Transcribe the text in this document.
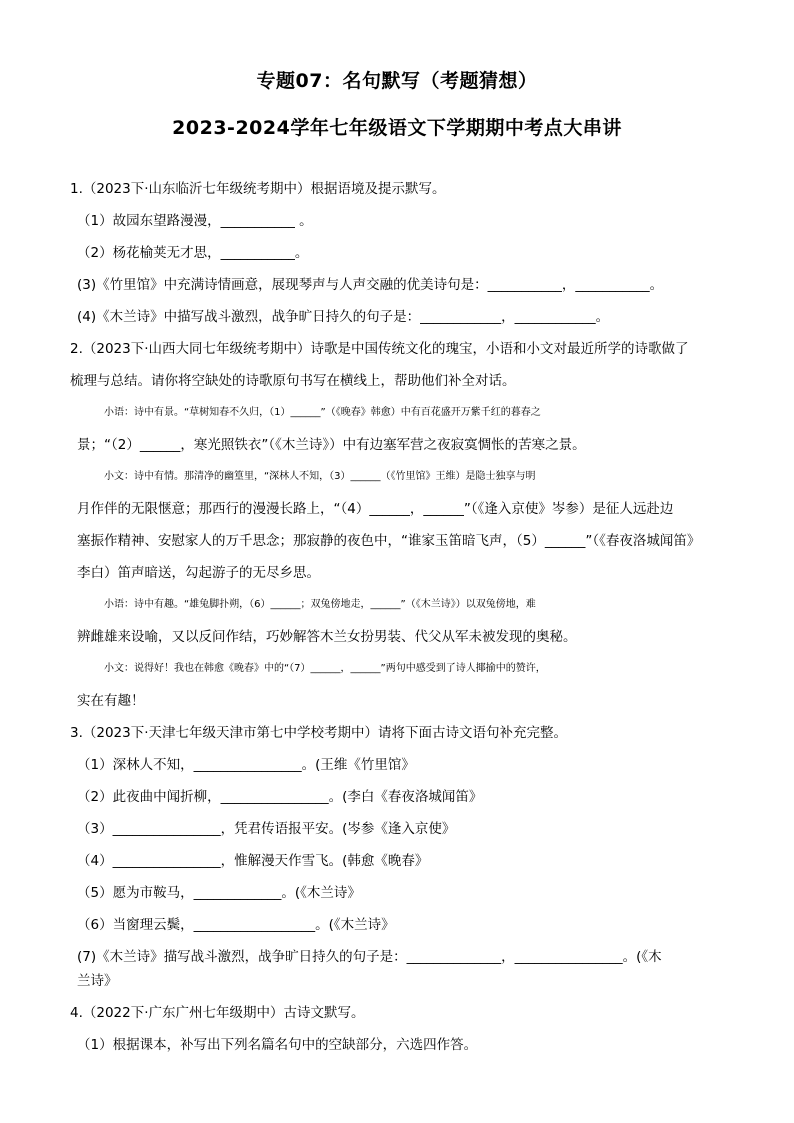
专题07：名句默写（考题猜想）
2023-2024学年七年级语文下学期期中考点大串讲
1.（2023下·山东临沂七年级统考期中）根据语境及提示默写。
（1）故园东望路漫漫，___________ 。
（2）杨花榆荚无才思，___________。
(3)《竹里馆》中充满诗情画意，展现琴声与人声交融的优美诗句是：___________，___________。
(4)《木兰诗》中描写战斗激烈，战争旷日持久的句子是：____________，____________。
2.（2023下·山西大同七年级统考期中）诗歌是中国传统文化的瑰宝，小语和小文对最近所学的诗歌做了
梳理与总结。请你将空缺处的诗歌原句书写在横线上，帮助他们补全对话。
小语：诗中有景。“草树知春不久归，（1）______”（《晚春》韩愈）中有百花盛开万紫千红的暮春之
景；“（2）______，寒光照铁衣”（《木兰诗》）中有边塞军营之夜寂寞惆怅的苦寒之景。
小文：诗中有情。那清净的幽篁里，“深林人不知，（3）______（《竹里馆》王维）是隐士独享与明
月作伴的无限惬意；那西行的漫漫长路上，“（4）______，______”（《逢入京使》岑参）是征人远赴边
塞振作精神、安慰家人的万千思念；那寂静的夜色中，“谁家玉笛暗飞声，（5）______”（《春夜洛城闻笛》
李白）笛声暗送，勾起游子的无尽乡思。
小语：诗中有趣。“雄兔脚扑朔，（6）______；双兔傍地走，______”（《木兰诗》）以双兔傍地，难
辨雌雄来设喻，又以反问作结，巧妙解答木兰女扮男装、代父从军未被发现的奥秘。
小文：说得好！我也在韩愈《晚春》中的“（7）______，______”两句中感受到了诗人揶揄中的赞许，
实在有趣！
3.（2023下·天津七年级天津市第七中学校考期中）请将下面古诗文语句补充完整。
（1）深林人不知，________________。(王维《竹里馆》
（2）此夜曲中闻折柳，________________。(李白《春夜洛城闻笛》
（3）________________，凭君传语报平安。(岑参《逢入京使》
（4）________________，惟解漫天作雪飞。(韩愈《晚春》
（5）愿为市鞍马，_____________。(《木兰诗》
（6）当窗理云鬓，__________________。(《木兰诗》
(7)《木兰诗》描写战斗激烈，战争旷日持久的句子是：______________，________________。(《木
兰诗》
4.（2022下·广东广州七年级期中）古诗文默写。
（1）根据课本，补写出下列名篇名句中的空缺部分，六选四作答。
